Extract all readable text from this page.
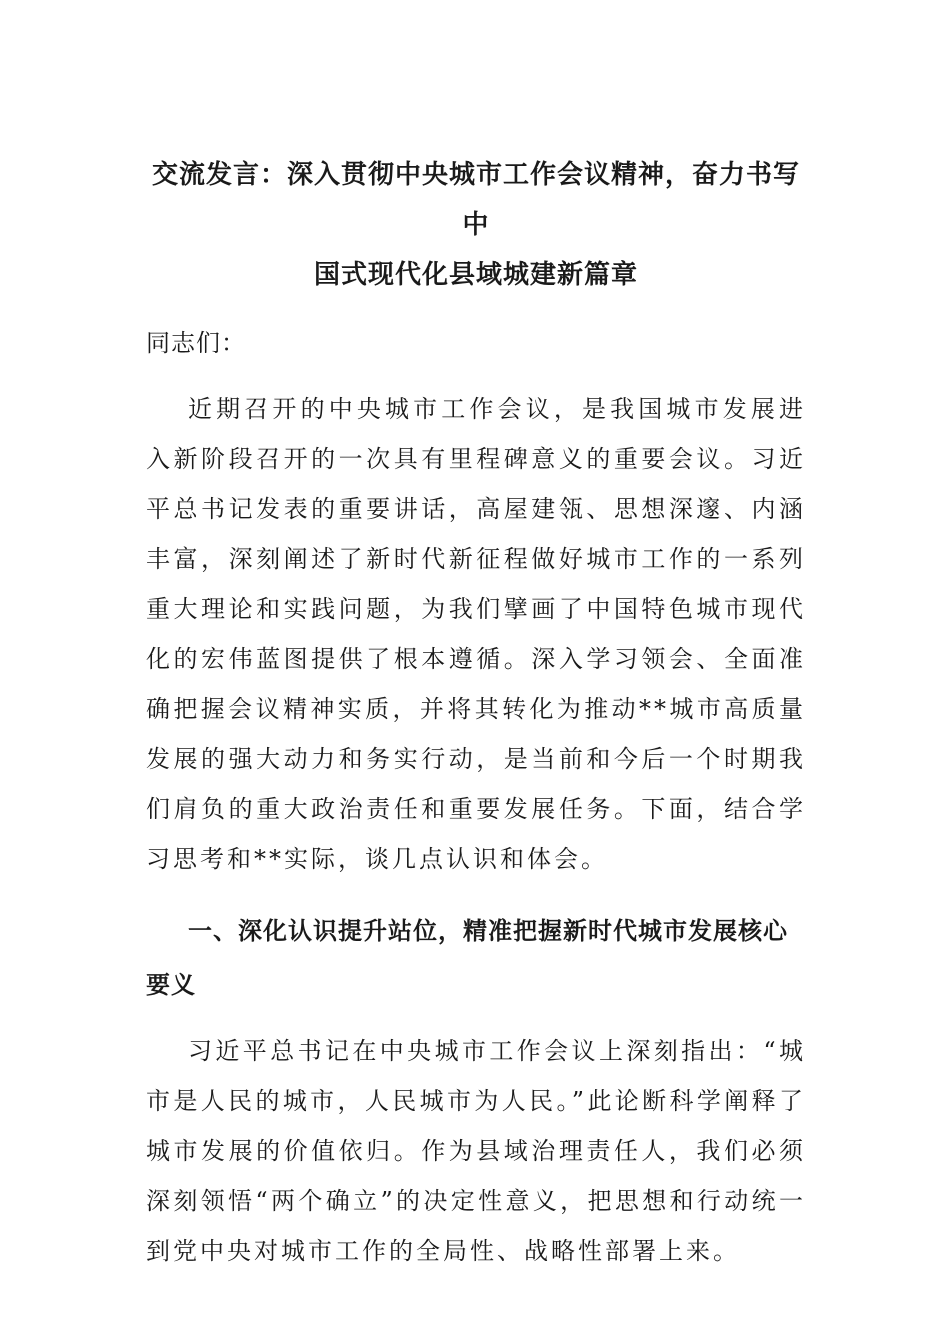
交流发言：深入贯彻中央城市工作会议精神，奋力书写中
国式现代化县域城建新篇章

同志们：

近期召开的中央城市工作会议，是我国城市发展进入新阶段召开的一次具有里程碑意义的重要会议。习近平总书记发表的重要讲话，高屋建瓴、思想深邃、内涵丰富，深刻阐述了新时代新征程做好城市工作的一系列重大理论和实践问题，为我们擘画了中国特色城市现代化的宏伟蓝图提供了根本遵循。深入学习领会、全面准确把握会议精神实质，并将其转化为推动**城市高质量发展的强大动力和务实行动，是当前和今后一个时期我们肩负的重大政治责任和重要发展任务。下面，结合学习思考和**实际，谈几点认识和体会。

一、深化认识提升站位，精准把握新时代城市发展核心要义

习近平总书记在中央城市工作会议上深刻指出：“城市是人民的城市，人民城市为人民。”此论断科学阐释了城市发展的价值依归。作为县域治理责任人，我们必须深刻领悟“两个确立”的决定性意义，把思想和行动统一到党中央对城市工作的全局性、战略性部署上来。
